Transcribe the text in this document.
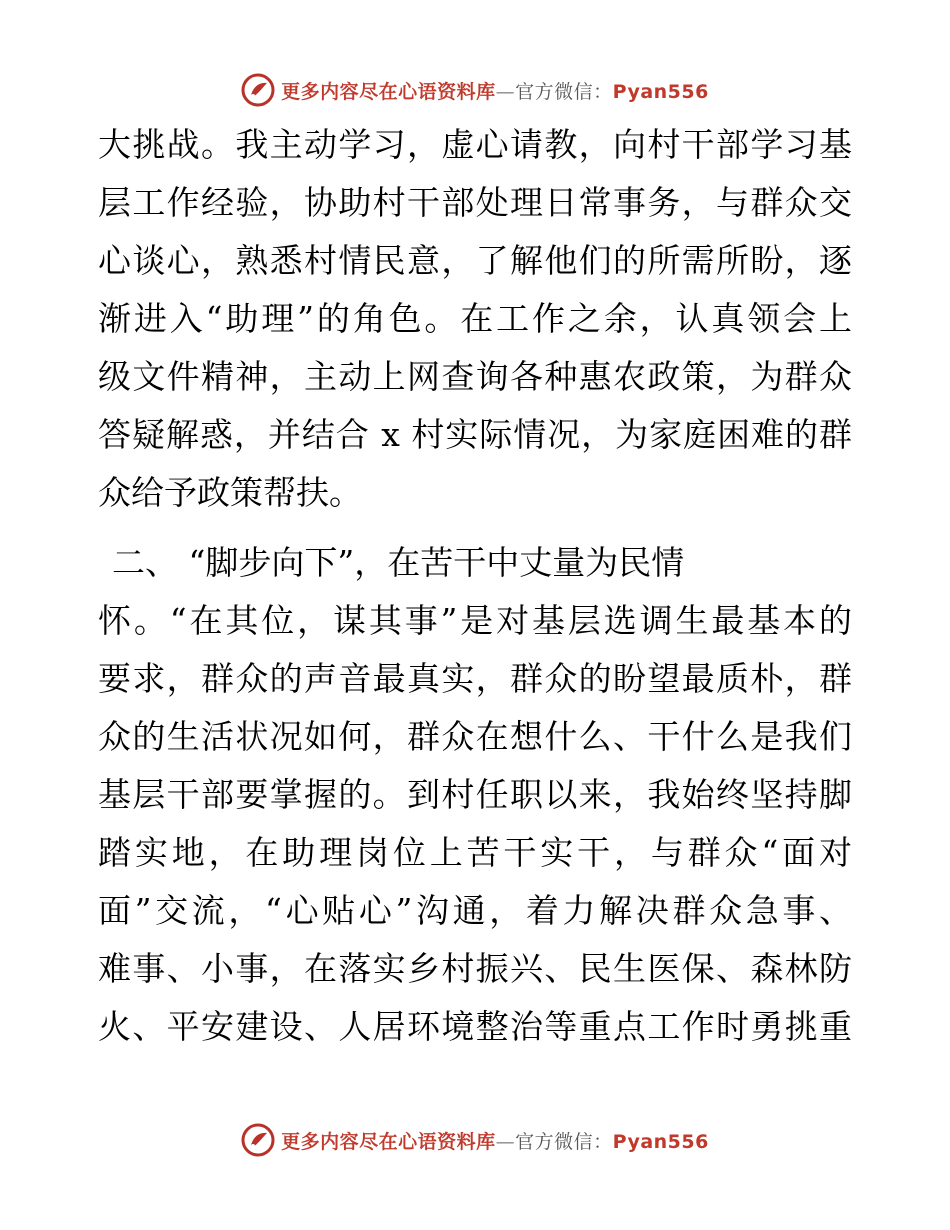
更多内容尽在心语资料库—官方微信：Pyan556
大挑战。我主动学习，虚心请教，向村干部学习基
层工作经验，协助村干部处理日常事务，与群众交
心谈心，熟悉村情民意，了解他们的所需所盼，逐
渐进入“助理”的角色。在工作之余，认真领会上
级文件精神，主动上网查询各种惠农政策，为群众
答疑解惑，并结合 x 村实际情况，为家庭困难的群
众给予政策帮扶。
二、 “脚步向下”，在苦干中丈量为民情
怀。“在其位，谋其事”是对基层选调生最基本的
要求，群众的声音最真实，群众的盼望最质朴，群
众的生活状况如何，群众在想什么、干什么是我们
基层干部要掌握的。到村任职以来，我始终坚持脚
踏实地，在助理岗位上苦干实干，与群众“面对
面”交流，“心贴心”沟通，着力解决群众急事、
难事、小事，在落实乡村振兴、民生医保、森林防
火、平安建设、人居环境整治等重点工作时勇挑重
更多内容尽在心语资料库—官方微信：Pyan556
